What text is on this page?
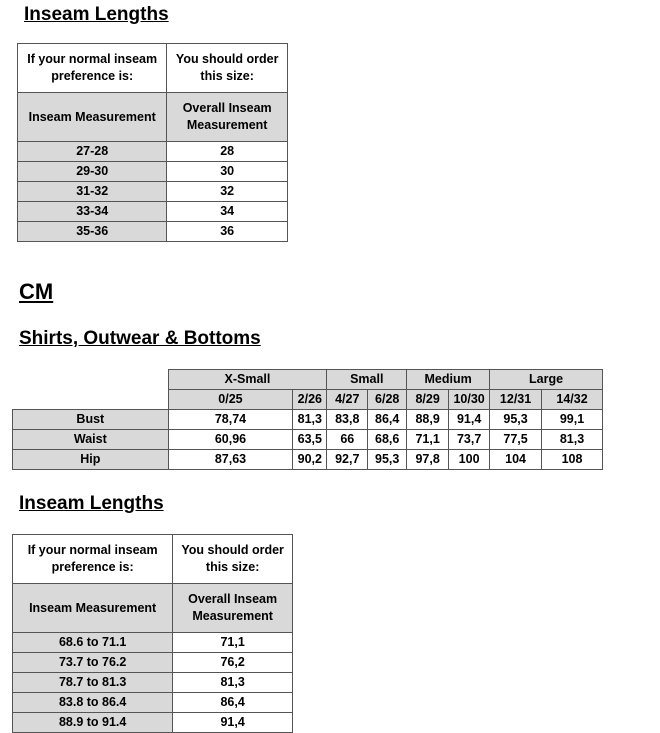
Inseam Lengths
If your normal inseam preference is:	You should order this size:
Inseam Measurement	Overall Inseam Measurement
27-28	28
29-30	30
31-32	32
33-34	34
35-36	36
CM
Shirts, Outwear & Bottoms
	X-Small		Small		Medium		Large	
	0/25	2/26	4/27	6/28	8/29	10/30	12/31	14/32
Bust	78,74	81,3	83,8	86,4	88,9	91,4	95,3	99,1
Waist	60,96	63,5	66	68,6	71,1	73,7	77,5	81,3
Hip	87,63	90,2	92,7	95,3	97,8	100	104	108
Inseam Lengths
If your normal inseam preference is:	You should order this size:
Inseam Measurement	Overall Inseam Measurement
68.6 to 71.1	71,1
73.7 to 76.2	76,2
78.7 to 81.3	81,3
83.8 to 86.4	86,4
88.9 to 91.4	91,4
